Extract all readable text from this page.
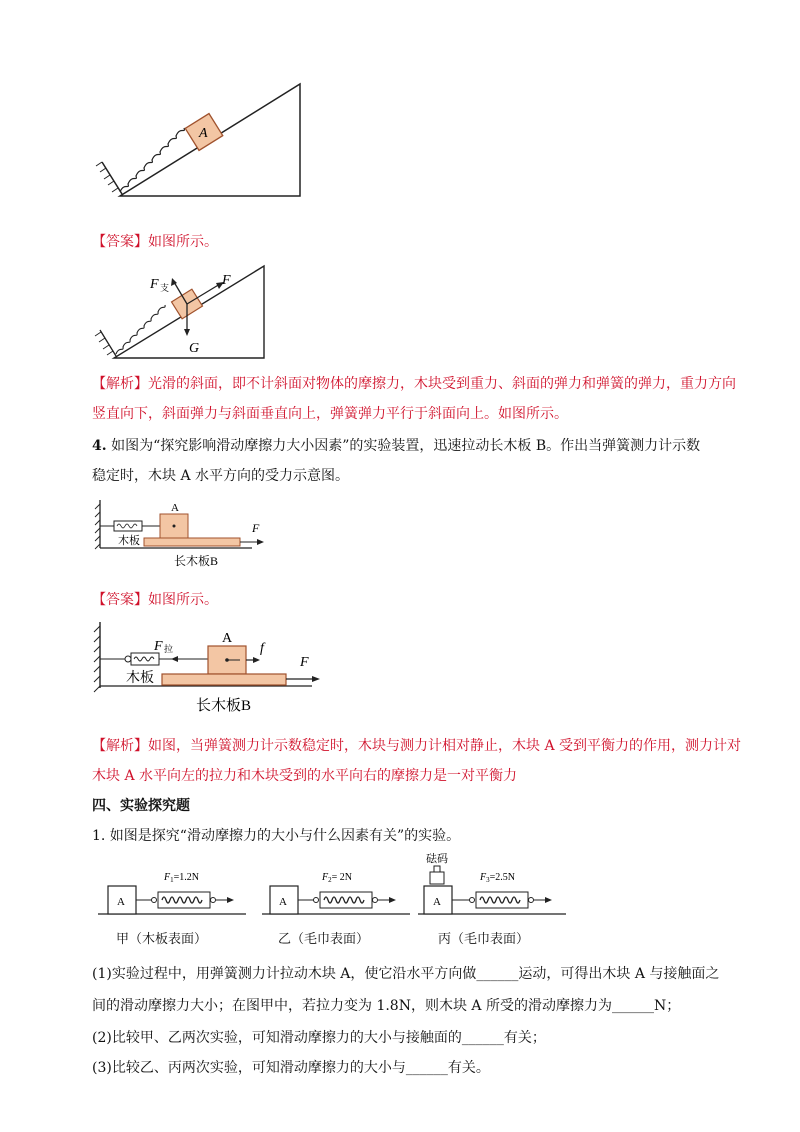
A
【答案】如图所示。
F 支	F
G
【解析】光滑的斜面，即不计斜面对物体的摩擦力，木块受到重力、斜面的弹力和弹簧的弹力，重力方向
竖直向下，斜面弹力与斜面垂直向上，弹簧弹力平行于斜面向上。如图所示。
4. 如图为“探究影响滑动摩擦力大小因素”的实验装置，迅速拉动长木板 B。作出当弹簧测力计示数
稳定时，木块 A 水平方向的受力示意图。
A
F
木板
长木板B
【答案】如图所示。
A
F 拉	f
F
木板
长木板B
【解析】如图，当弹簧测力计示数稳定时，木块与测力计相对静止，木块 A 受到平衡力的作用，测力计对
木块 A 水平向左的拉力和木块受到的水平向右的摩擦力是一对平衡力
四、实验探究题
1. 如图是探究“滑动摩擦力的大小与什么因素有关”的实验。
A
$F_1=1.2N$
甲（木板表面）
A
$F_2= 2N$
乙（毛巾表面）
砝码
A
$F_3=2.5N$
丙（毛巾表面）
(1)实验过程中，用弹簧测力计拉动木块 A，使它沿水平方向做______运动，可得出木块 A 与接触面之
间的滑动摩擦力大小；在图甲中，若拉力变为 1.8N，则木块 A 所受的滑动摩擦力为______N；
(2)比较甲、乙两次实验，可知滑动摩擦力的大小与接触面的______有关；
(3)比较乙、丙两次实验，可知滑动摩擦力的大小与______有关。
